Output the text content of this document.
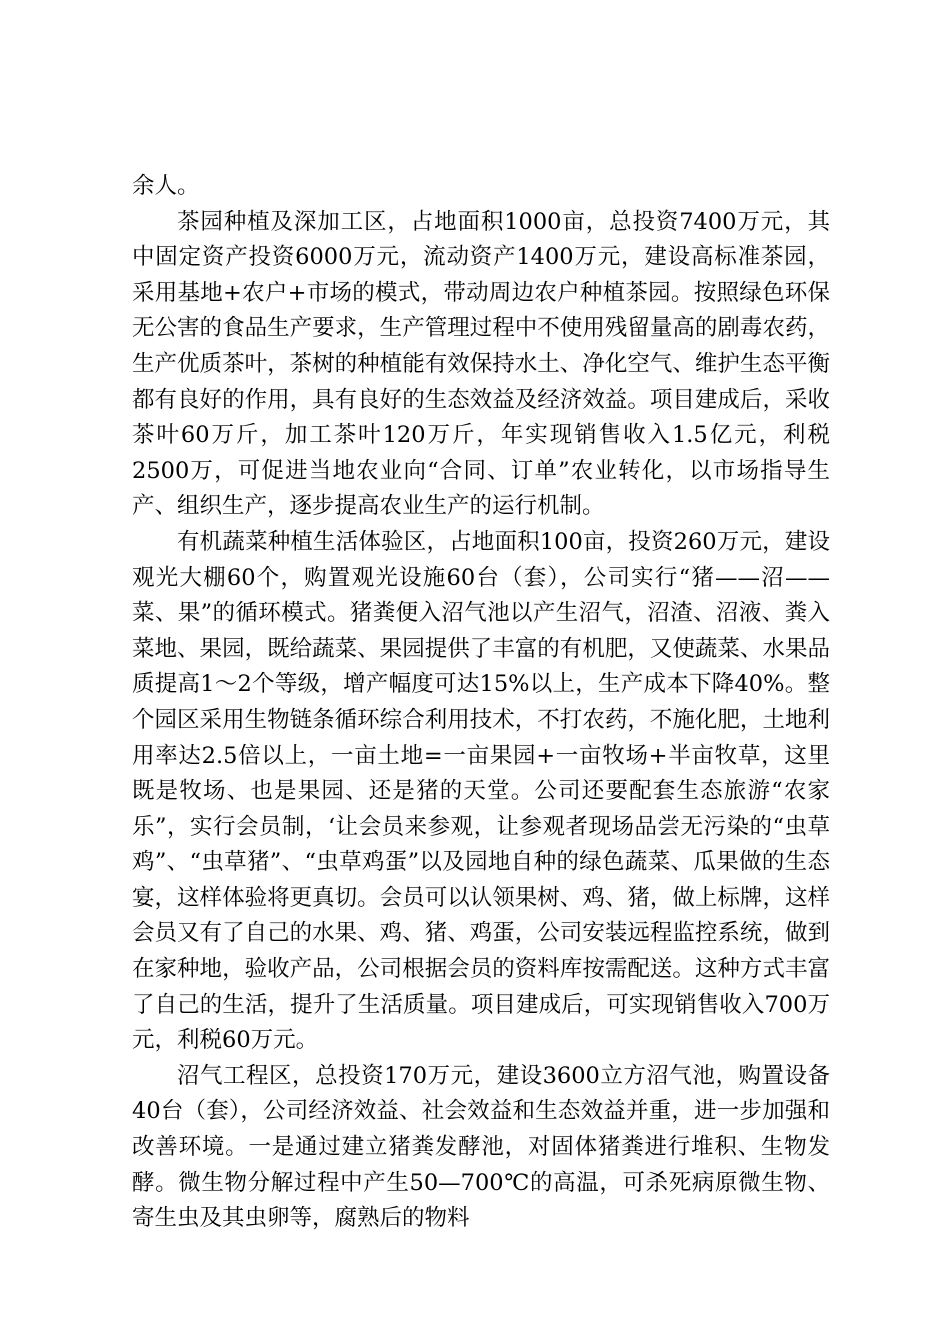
余人。

茶园种植及深加工区，占地面积1000亩，总投资7400万元，其中固定资产投资6000万元，流动资产1400万元，建设高标准茶园，采用基地+农户+市场的模式，带动周边农户种植茶园。按照绿色环保无公害的食品生产要求，生产管理过程中不使用残留量高的剧毒农药，生产优质茶叶，茶树的种植能有效保持水土、净化空气、维护生态平衡都有良好的作用，具有良好的生态效益及经济效益。项目建成后，采收茶叶60万斤，加工茶叶120万斤，年实现销售收入1.5亿元，利税2500万，可促进当地农业向“合同、订单”农业转化，以市场指导生产、组织生产，逐步提高农业生产的运行机制。

有机蔬菜种植生活体验区，占地面积100亩，投资260万元，建设观光大棚60个，购置观光设施60台（套），公司实行“猪——沼——菜、果”的循环模式。猪粪便入沼气池以产生沼气，沼渣、沼液、粪入菜地、果园，既给蔬菜、果园提供了丰富的有机肥，又使蔬菜、水果品质提高1～2个等级，增产幅度可达15%以上，生产成本下降40%。整个园区采用生物链条循环综合利用技术，不打农药，不施化肥，土地利用率达2.5倍以上，一亩土地=一亩果园+一亩牧场+半亩牧草，这里既是牧场、也是果园、还是猪的天堂。公司还要配套生态旅游“农家乐”，实行会员制，‘让会员来参观，让参观者现场品尝无污染的“虫草鸡”、“虫草猪”、“虫草鸡蛋”以及园地自种的绿色蔬菜、瓜果做的生态宴，这样体验将更真切。会员可以认领果树、鸡、猪，做上标牌，这样会员又有了自己的水果、鸡、猪、鸡蛋，公司安装远程监控系统，做到在家种地，验收产品，公司根据会员的资料库按需配送。这种方式丰富了自己的生活，提升了生活质量。项目建成后，可实现销售收入700万元，利税60万元。

沼气工程区，总投资170万元，建设3600立方沼气池，购置设备40台（套），公司经济效益、社会效益和生态效益并重，进一步加强和改善环境。一是通过建立猪粪发酵池，对固体猪粪进行堆积、生物发酵。微生物分解过程中产生50—700℃的高温，可杀死病原微生物、寄生虫及其虫卵等，腐熟后的物料
